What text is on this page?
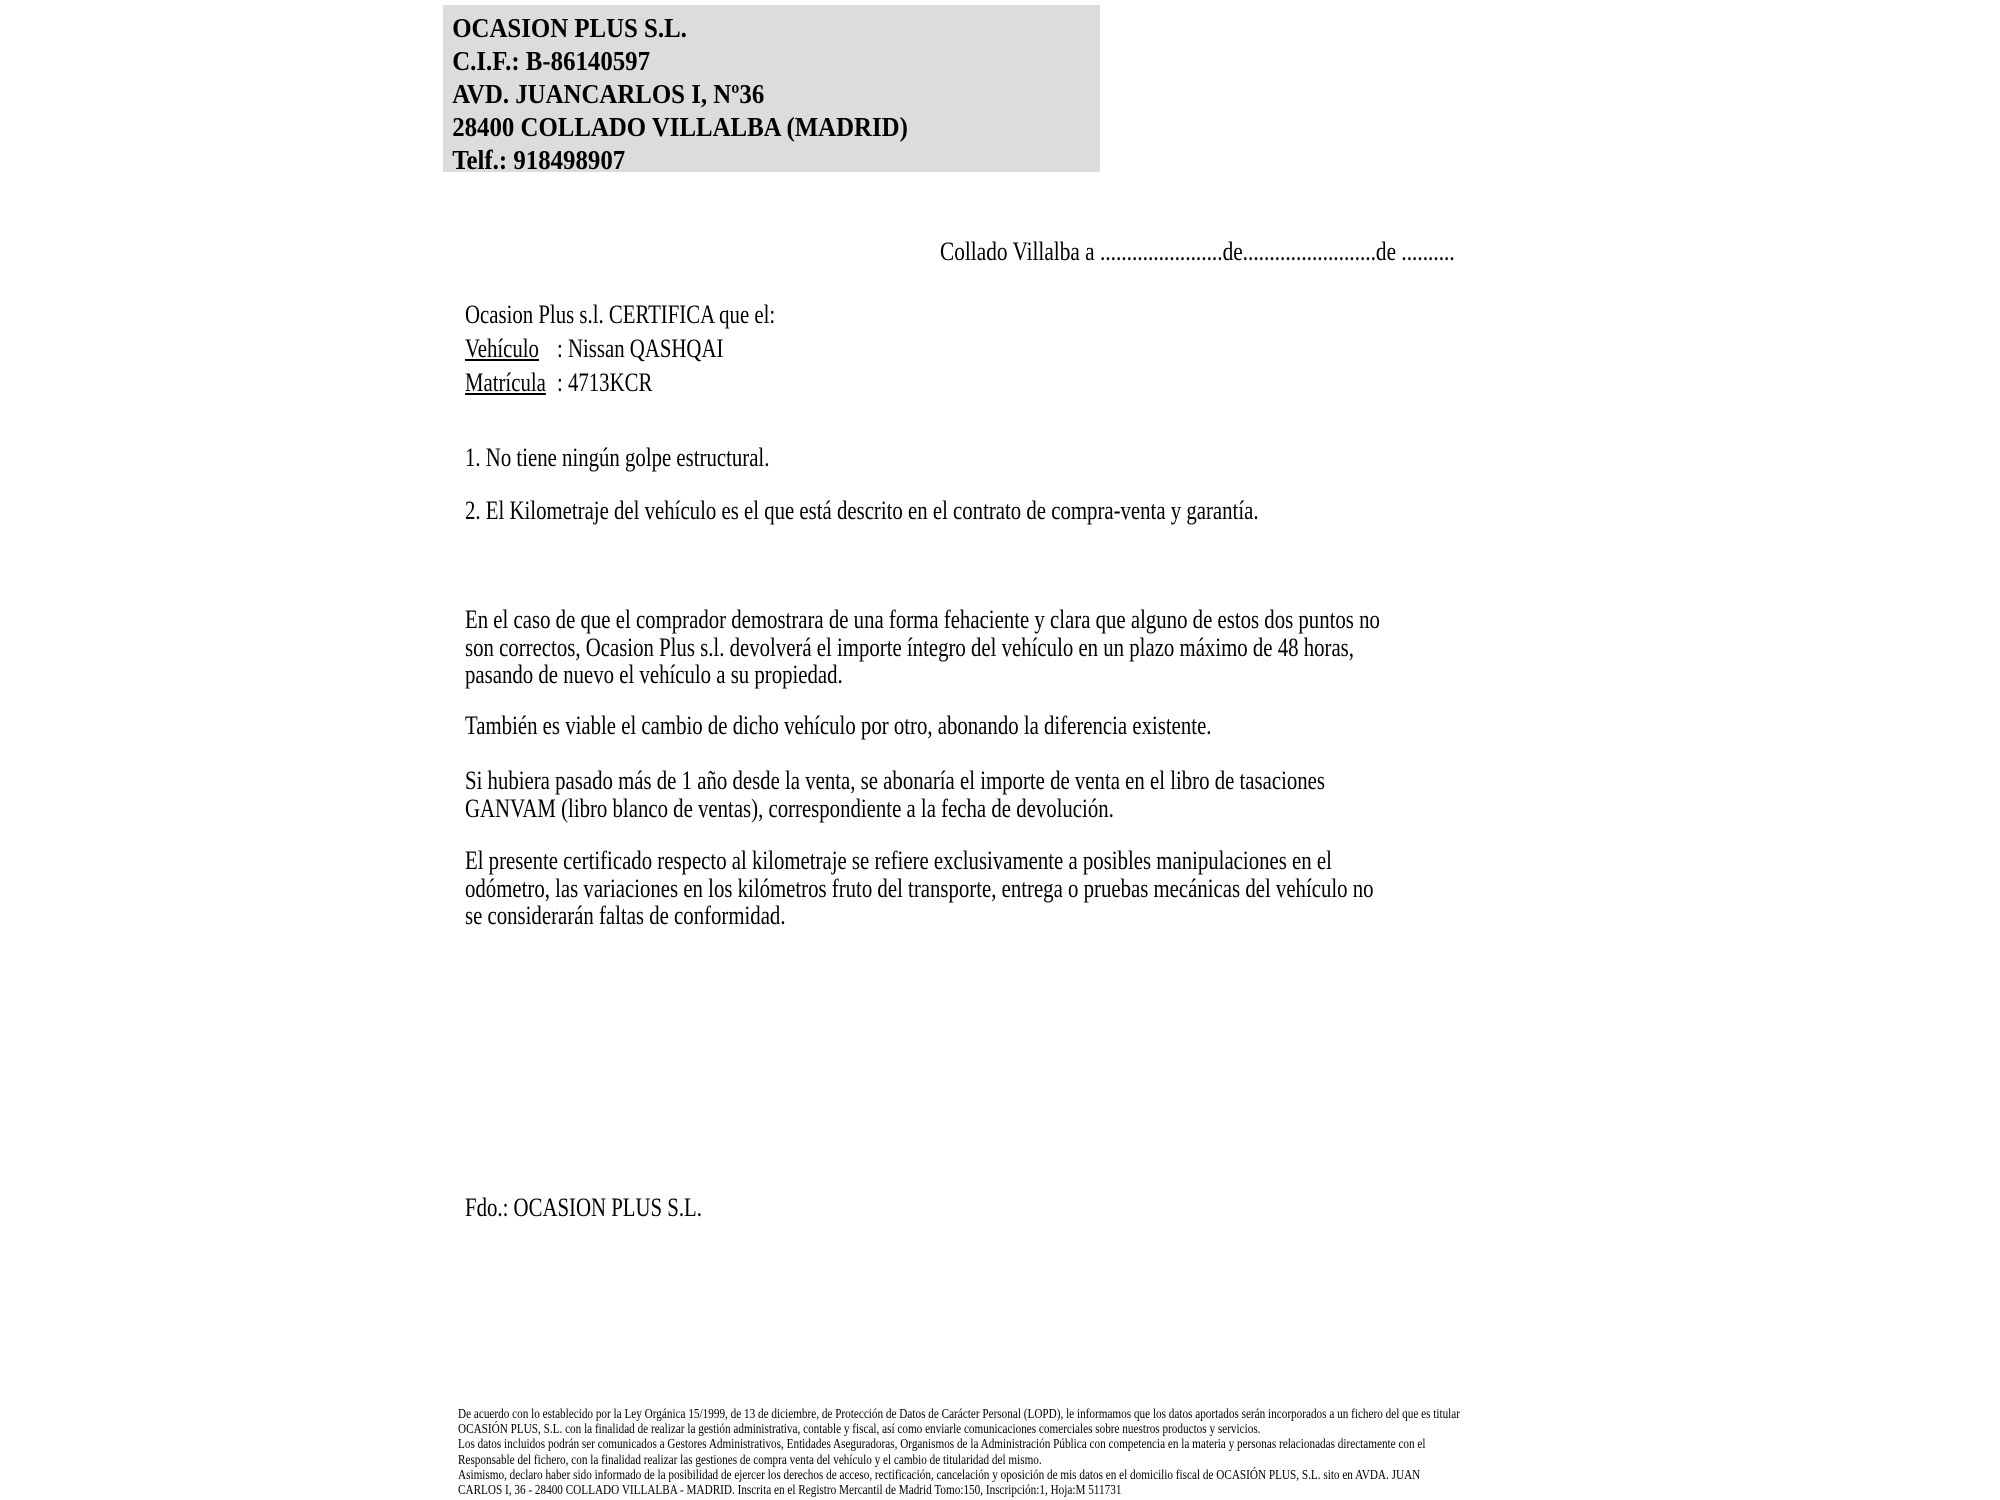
OCASION PLUS S.L.
C.I.F.: B-86140597
AVD. JUANCARLOS I, Nº36
28400 COLLADO VILLALBA (MADRID)
Telf.: 918498907
Collado Villalba a .......................de.........................de ..........
Ocasion Plus s.l. CERTIFICA que el:
Vehículo : Nissan QASHQAI
Matrícula : 4713KCR
1. No tiene ningún golpe estructural.
2. El Kilometraje del vehículo es el que está descrito en el contrato de compra-venta y garantía.
En el caso de que el comprador demostrara de una forma fehaciente y clara que alguno de estos dos puntos no
son correctos, Ocasion Plus s.l. devolverá el importe íntegro del vehículo en un plazo máximo de 48 horas,
pasando de nuevo el vehículo a su propiedad.
También es viable el cambio de dicho vehículo por otro, abonando la diferencia existente.
Si hubiera pasado más de 1 año desde la venta, se abonaría el importe de venta en el libro de tasaciones
GANVAM (libro blanco de ventas), correspondiente a la fecha de devolución.
El presente certificado respecto al kilometraje se refiere exclusivamente a posibles manipulaciones en el
odómetro, las variaciones en los kilómetros fruto del transporte, entrega o pruebas mecánicas del vehículo no
se considerarán faltas de conformidad.
Fdo.: OCASION PLUS S.L.
De acuerdo con lo establecido por la Ley Orgánica 15/1999, de 13 de diciembre, de Protección de Datos de Carácter Personal (LOPD), le informamos que los datos aportados serán incorporados a un fichero del que es titular
OCASIÓN PLUS, S.L. con la finalidad de realizar la gestión administrativa, contable y fiscal, así como enviarle comunicaciones comerciales sobre nuestros productos y servicios.
Los datos incluidos podrán ser comunicados a Gestores Administrativos, Entidades Aseguradoras, Organismos de la Administración Pública con competencia en la materia y personas relacionadas directamente con el
Responsable del fichero, con la finalidad realizar las gestiones de compra venta del vehículo y el cambio de titularidad del mismo.
Asimismo, declaro haber sido informado de la posibilidad de ejercer los derechos de acceso, rectificación, cancelación y oposición de mis datos en el domicilio fiscal de OCASIÓN PLUS, S.L. sito en AVDA. JUAN
CARLOS I, 36 - 28400 COLLADO VILLALBA - MADRID. Inscrita en el Registro Mercantil de Madrid Tomo:150, Inscripción:1, Hoja:M 511731
